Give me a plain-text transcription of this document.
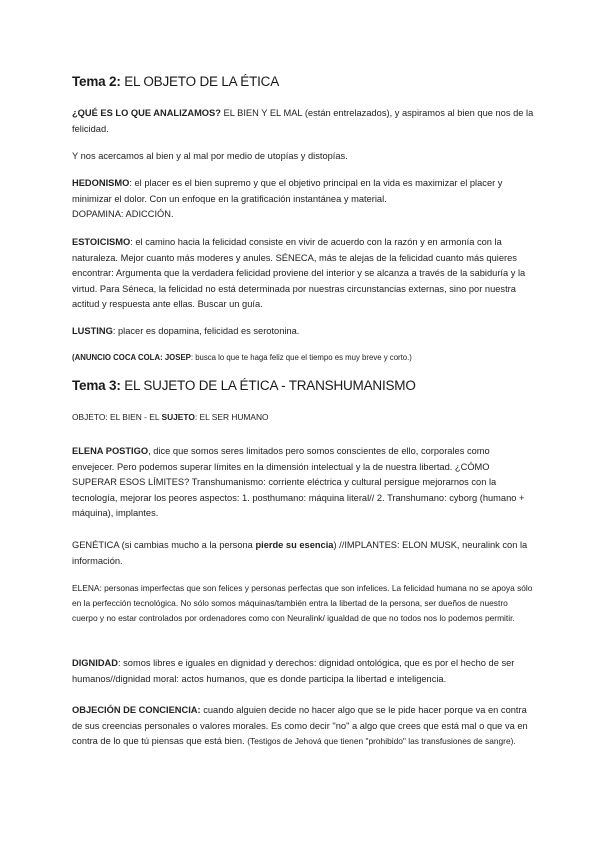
Tema 2: EL OBJETO DE LA ÉTICA
¿QUÉ ES LO QUE ANALIZAMOS? EL BIEN Y EL MAL (están entrelazados), y aspiramos al bien que nos de la felicidad.
Y nos acercamos al bien y al mal por medio de utopías y distopías.
HEDONISMO: el placer es el bien supremo y que el objetivo principal en la vida es maximizar el placer y minimizar el dolor. Con un enfoque en la gratificación instantánea y material.
DOPAMINA: ADICCIÓN.
ESTOICISMO: el camino hacia la felicidad consiste en vivir de acuerdo con la razón y en armonía con la naturaleza. Mejor cuanto más moderes y anules. SÉNECA, más te alejas de la felicidad cuanto más quieres encontrar: Argumenta que la verdadera felicidad proviene del interior y se alcanza a través de la sabiduría y la virtud. Para Séneca, la felicidad no está determinada por nuestras circunstancias externas, sino por nuestra actitud y respuesta ante ellas. Buscar un guía.
LUSTING: placer es dopamina, felicidad es serotonina.
(ANUNCIO COCA COLA: JOSEP: busca lo que te haga feliz que el tiempo es muy breve y corto.)
Tema 3: EL SUJETO DE LA ÉTICA - TRANSHUMANISMO
OBJETO: EL BIEN - EL SUJETO: EL SER HUMANO
ELENA POSTIGO, dice que somos seres limitados pero somos conscientes de ello, corporales como envejecer. Pero podemos superar límites en la dimensión intelectual y la de nuestra libertad. ¿CÓMO SUPERAR ESOS LÍMITES? Transhumanismo: corriente eléctrica y cultural persigue mejorarnos con la tecnología, mejorar los peores aspectos: 1. posthumano: máquina literal// 2. Transhumano: cyborg (humano + máquina), implantes.
GENÉTICA (si cambias mucho a la persona pierde su esencia) //IMPLANTES: ELON MUSK, neuralink con la información.
ELENA: personas imperfectas que son felices y personas perfectas que son infelices. La felicidad humana no se apoya sólo en la perfección tecnológica. No sólo somos máquinas/también entra la libertad de la persona, ser dueños de nuestro cuerpo y no estar controlados por ordenadores como con Neuralink/ igualdad de que no todos nos lo podemos permitir.
DIGNIDAD: somos libres e iguales en dignidad y derechos: dignidad ontológica, que es por el hecho de ser humanos//dignidad moral: actos humanos, que es donde participa la libertad e inteligencia.
OBJECIÓN DE CONCIENCIA: cuando alguien decide no hacer algo que se le pide hacer porque va en contra de sus creencias personales o valores morales. Es como decir "no" a algo que crees que está mal o que va en contra de lo que tú piensas que está bien. (Testigos de Jehová que tienen "prohibido" las transfusiones de sangre).
